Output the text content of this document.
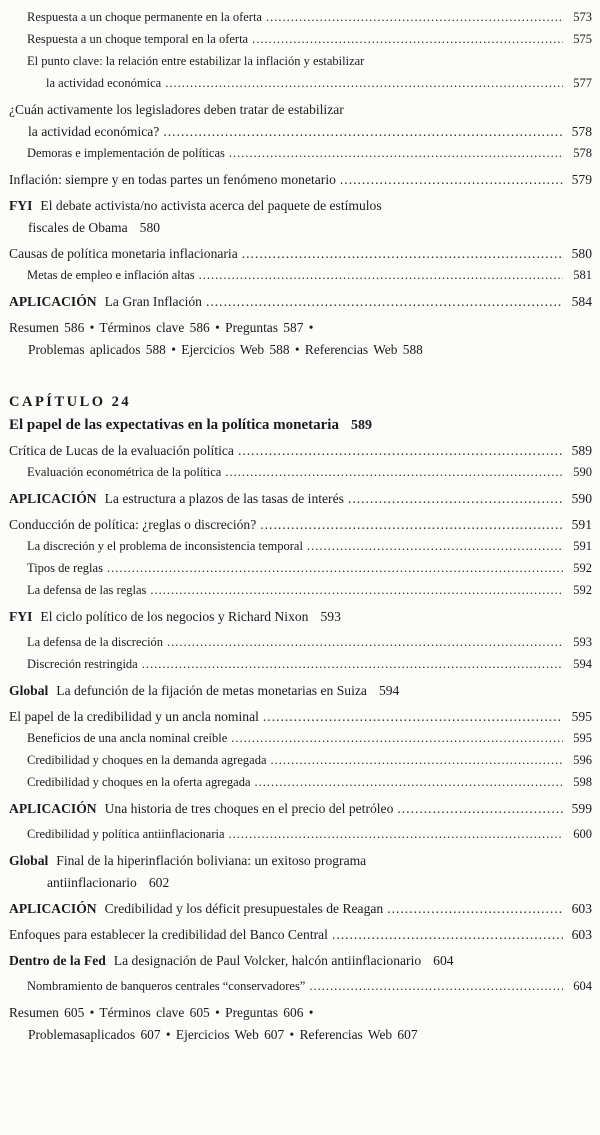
Respuesta a un choque permanente en la oferta .....	573
Respuesta a un choque temporal en la oferta .....	575
El punto clave: la relación entre estabilizar la inflación y estabilizar
la actividad económica .....	577
¿Cuán activamente los legisladores deben tratar de estabilizar
la actividad económica? .....	578
Demoras e implementación de políticas .....	578
Inflación: siempre y en todas partes un fenómeno monetario .....	579
FYI El debate activista/no activista acerca del paquete de estímulos
fiscales de Obama 580
Causas de política monetaria inflacionaria .....	580
Metas de empleo e inflación altas .....	581
APLICACIÓN La Gran Inflación .....	584
Resumen 586 • Términos clave 586 • Preguntas 587 •
Problemas aplicados 588 • Ejercicios Web 588 • Referencias Web 588
CAPÍTULO 24
El papel de las expectativas en la política monetaria 589
Crítica de Lucas de la evaluación política .....	589
Evaluación econométrica de la política .....	590
APLICACIÓN La estructura a plazos de las tasas de interés .....	590
Conducción de política: ¿reglas o discreción? .....	591
La discreción y el problema de inconsistencia temporal .....	591
Tipos de reglas .....	592
La defensa de las reglas .....	592
FYI El ciclo político de los negocios y Richard Nixon 593
La defensa de la discreción .....	593
Discreción restringida .....	594
Global La defunción de la fijación de metas monetarias en Suiza 594
El papel de la credibilidad y un ancla nominal .....	595
Beneficios de una ancla nominal creíble .....	595
Credibilidad y choques en la demanda agregada .....	596
Credibilidad y choques en la oferta agregada .....	598
APLICACIÓN Una historia de tres choques en el precio del petróleo .....	599
Credibilidad y política antiinflacionaria .....	600
Global Final de la hiperinflación boliviana: un exitoso programa
antiinflacionario 602
APLICACIÓN Credibilidad y los déficit presupuestales de Reagan .....	603
Enfoques para establecer la credibilidad del Banco Central .....	603
Dentro de la Fed La designación de Paul Volcker, halcón antiinflacionario 604
Nombramiento de banqueros centrales “conservadores” .....	604
Resumen 605 • Términos clave 605 • Preguntas 606 •
Problemasaplicados 607 • Ejercicios Web 607 • Referencias Web 607
